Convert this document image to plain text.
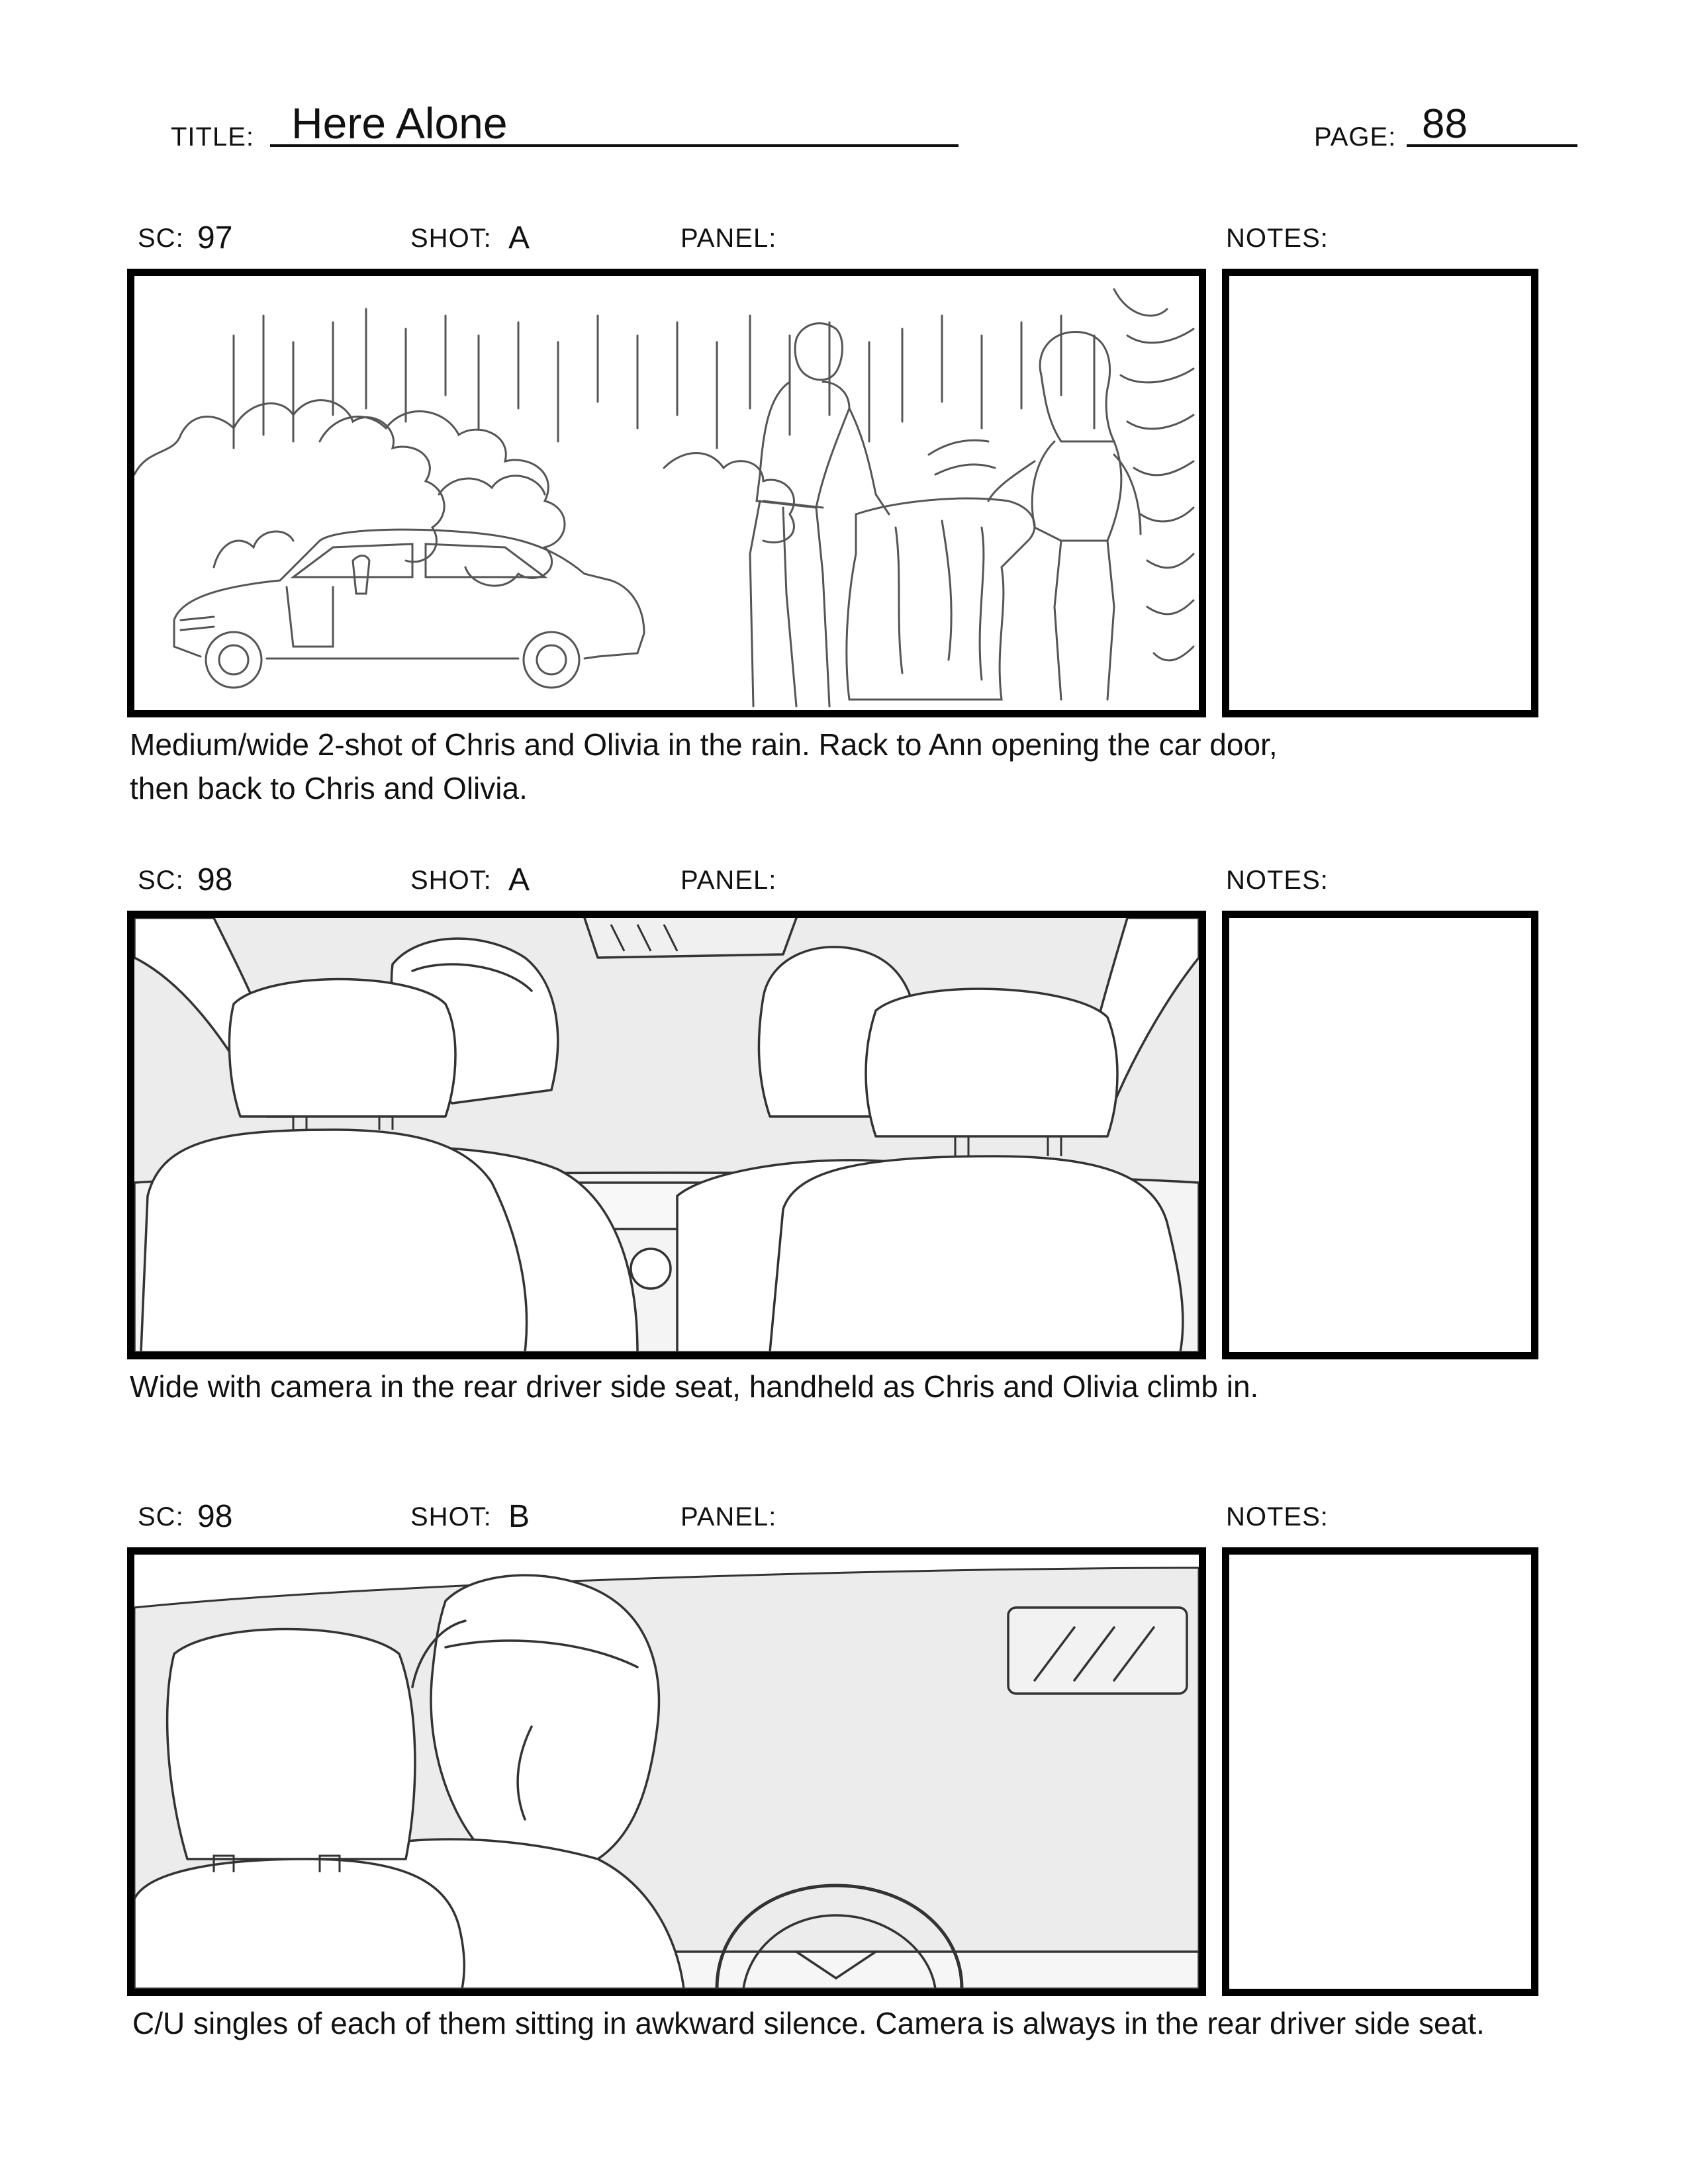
TITLE: Here Alone	PAGE: 88
SC: 97	SHOT: A	PANEL:	NOTES:
Medium/wide 2-shot of Chris and Olivia in the rain. Rack to Ann opening the car door,
then back to Chris and Olivia.
SC: 98	SHOT: A	PANEL:	NOTES:
Wide with camera in the rear driver side seat, handheld as Chris and Olivia climb in.
SC: 98	SHOT: B	PANEL:	NOTES:
C/U singles of each of them sitting in awkward silence. Camera is always in the rear driver side seat.
